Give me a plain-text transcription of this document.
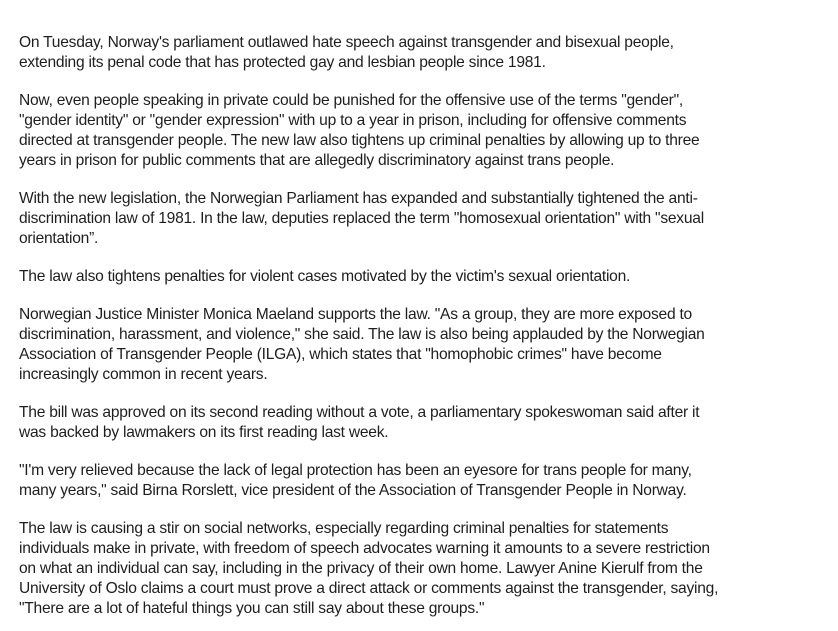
On Tuesday, Norway's parliament outlawed hate speech against transgender and bisexual people,
extending its penal code that has protected gay and lesbian people since 1981.

Now, even people speaking in private could be punished for the offensive use of the terms "gender",
"gender identity" or "gender expression" with up to a year in prison, including for offensive comments
directed at transgender people. The new law also tightens up criminal penalties by allowing up to three
years in prison for public comments that are allegedly discriminatory against trans people.

With the new legislation, the Norwegian Parliament has expanded and substantially tightened the anti-
discrimination law of 1981. In the law, deputies replaced the term "homosexual orientation" with "sexual
orientation”.

The law also tightens penalties for violent cases motivated by the victim's sexual orientation.

Norwegian Justice Minister Monica Maeland supports the law. "As a group, they are more exposed to
discrimination, harassment, and violence," she said. The law is also being applauded by the Norwegian
Association of Transgender People (ILGA), which states that "homophobic crimes" have become
increasingly common in recent years.

The bill was approved on its second reading without a vote, a parliamentary spokeswoman said after it
was backed by lawmakers on its first reading last week.

"I'm very relieved because the lack of legal protection has been an eyesore for trans people for many,
many years," said Birna Rorslett, vice president of the Association of Transgender People in Norway.

The law is causing a stir on social networks, especially regarding criminal penalties for statements
individuals make in private, with freedom of speech advocates warning it amounts to a severe restriction
on what an individual can say, including in the privacy of their own home. Lawyer Anine Kierulf from the
University of Oslo claims a court must prove a direct attack or comments against the transgender, saying,
"There are a lot of hateful things you can still say about these groups."
